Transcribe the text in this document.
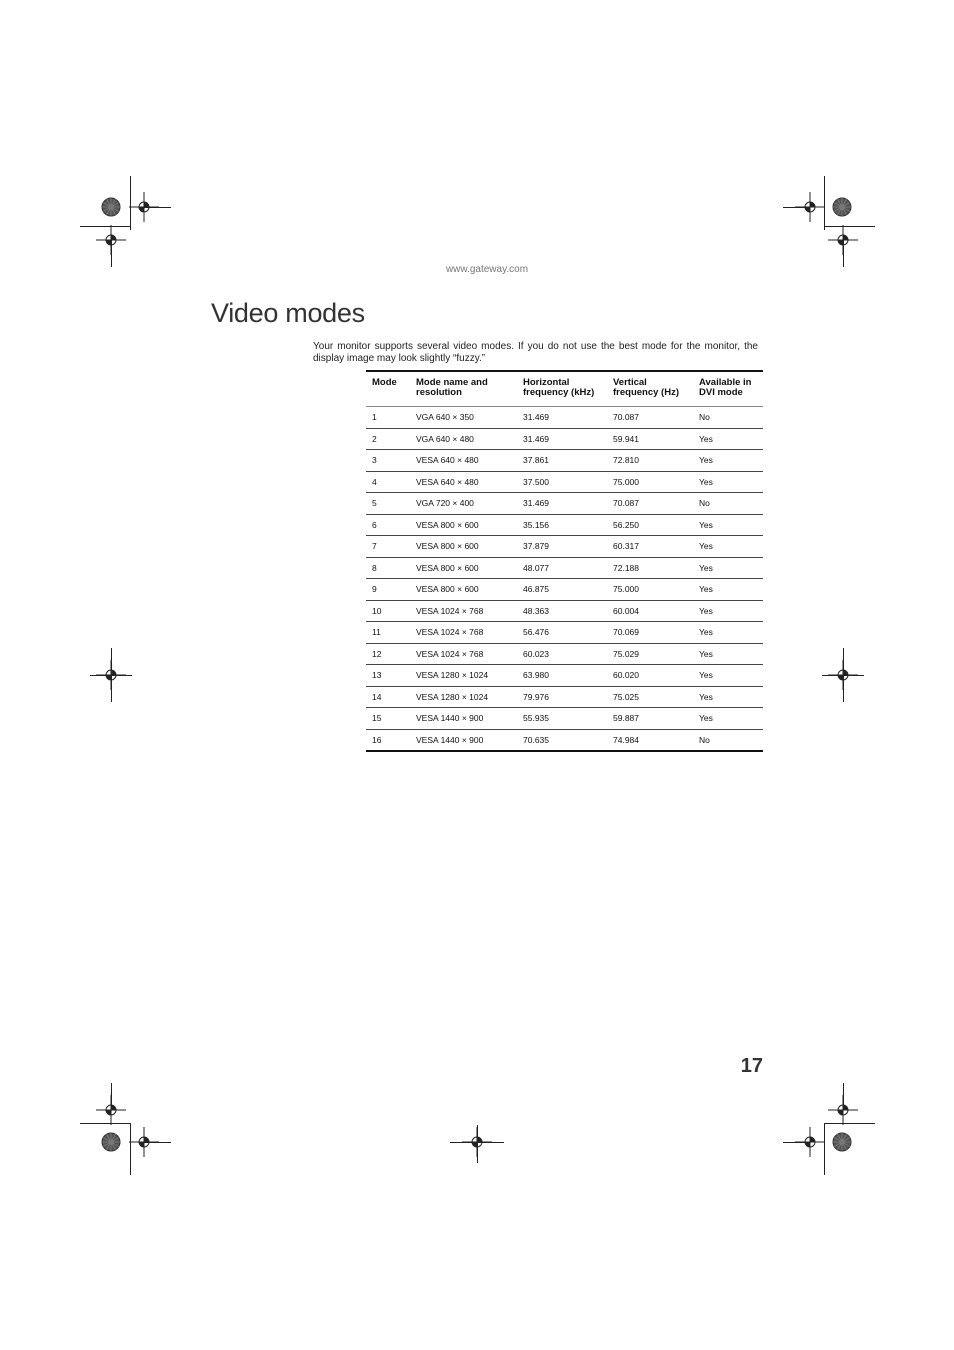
www.gateway.com
Video modes

Your monitor supports several video modes. If you do not use the best mode for the monitor, the display image may look slightly “fuzzy.”

Mode	Mode name and resolution	Horizontal frequency (kHz)	Vertical frequency (Hz)	Available in DVI mode
1	VGA 640 × 350	31.469	70.087	No
2	VGA 640 × 480	31.469	59.941	Yes
3	VESA 640 × 480	37.861	72.810	Yes
4	VESA 640 × 480	37.500	75.000	Yes
5	VGA 720 × 400	31.469	70.087	No
6	VESA 800 × 600	35.156	56.250	Yes
7	VESA 800 × 600	37.879	60.317	Yes
8	VESA 800 × 600	48.077	72.188	Yes
9	VESA 800 × 600	46.875	75.000	Yes
10	VESA 1024 × 768	48.363	60.004	Yes
11	VESA 1024 × 768	56.476	70.069	Yes
12	VESA 1024 × 768	60.023	75.029	Yes
13	VESA 1280 × 1024	63.980	60.020	Yes
14	VESA 1280 × 1024	79.976	75.025	Yes
15	VESA 1440 × 900	55.935	59.887	Yes
16	VESA 1440 × 900	70.635	74.984	No
17
